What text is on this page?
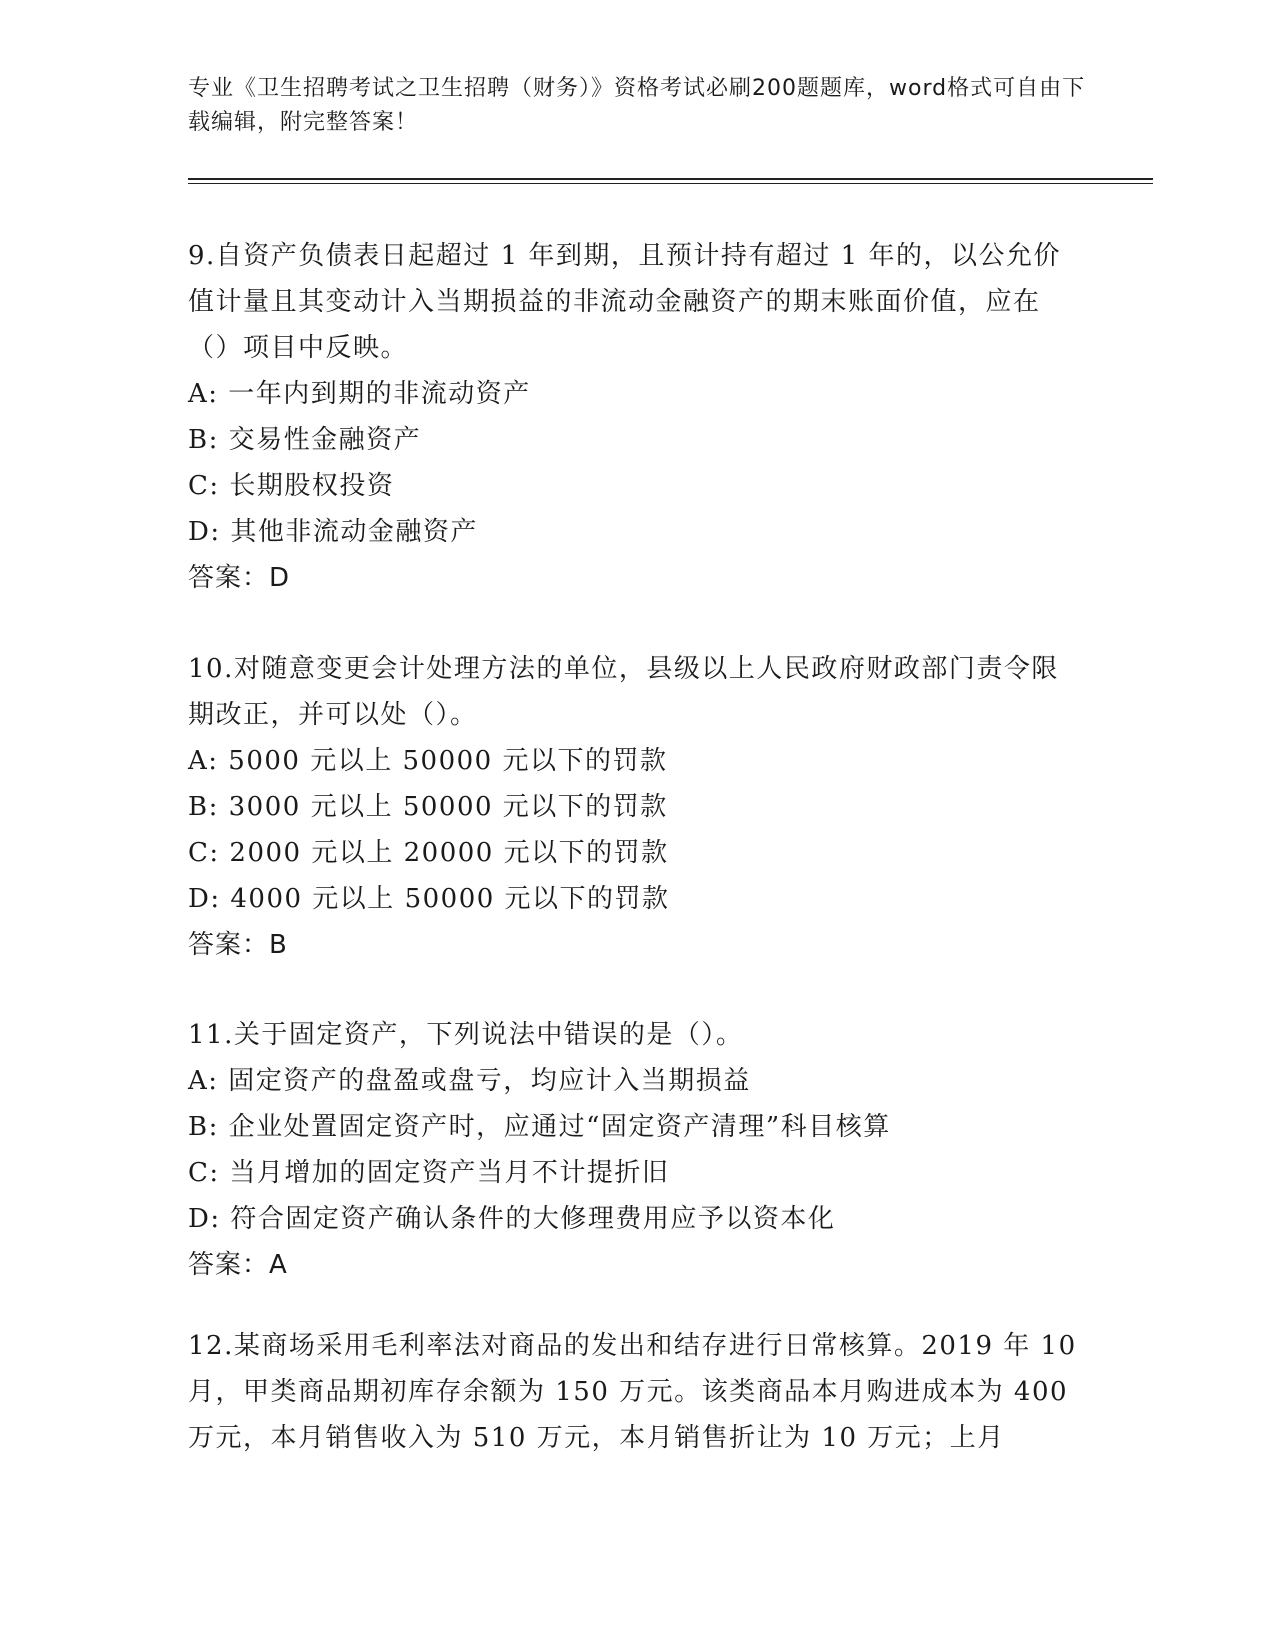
专业《卫生招聘考试之卫生招聘（财务）》资格考试必刷200题题库，word格式可自由下载编辑，附完整答案！

9.自资产负债表日起超过 1 年到期，且预计持有超过 1 年的，以公允价值计量且其变动计入当期损益的非流动金融资产的期末账面价值，应在（）项目中反映。

A: 一年内到期的非流动资产

B: 交易性金融资产

C: 长期股权投资

D: 其他非流动金融资产

答案：D

10.对随意变更会计处理方法的单位，县级以上人民政府财政部门责令限期改正，并可以处（）。

A: 5000 元以上 50000 元以下的罚款

B: 3000 元以上 50000 元以下的罚款

C: 2000 元以上 20000 元以下的罚款

D: 4000 元以上 50000 元以下的罚款

答案：B

11.关于固定资产，下列说法中错误的是（）。

A: 固定资产的盘盈或盘亏，均应计入当期损益

B: 企业处置固定资产时，应通过“固定资产清理”科目核算

C: 当月增加的固定资产当月不计提折旧

D: 符合固定资产确认条件的大修理费用应予以资本化

答案：A

12.某商场采用毛利率法对商品的发出和结存进行日常核算。2019 年 10 月，甲类商品期初库存余额为 150 万元。该类商品本月购进成本为 400 万元，本月销售收入为 510 万元，本月销售折让为 10 万元；上月
